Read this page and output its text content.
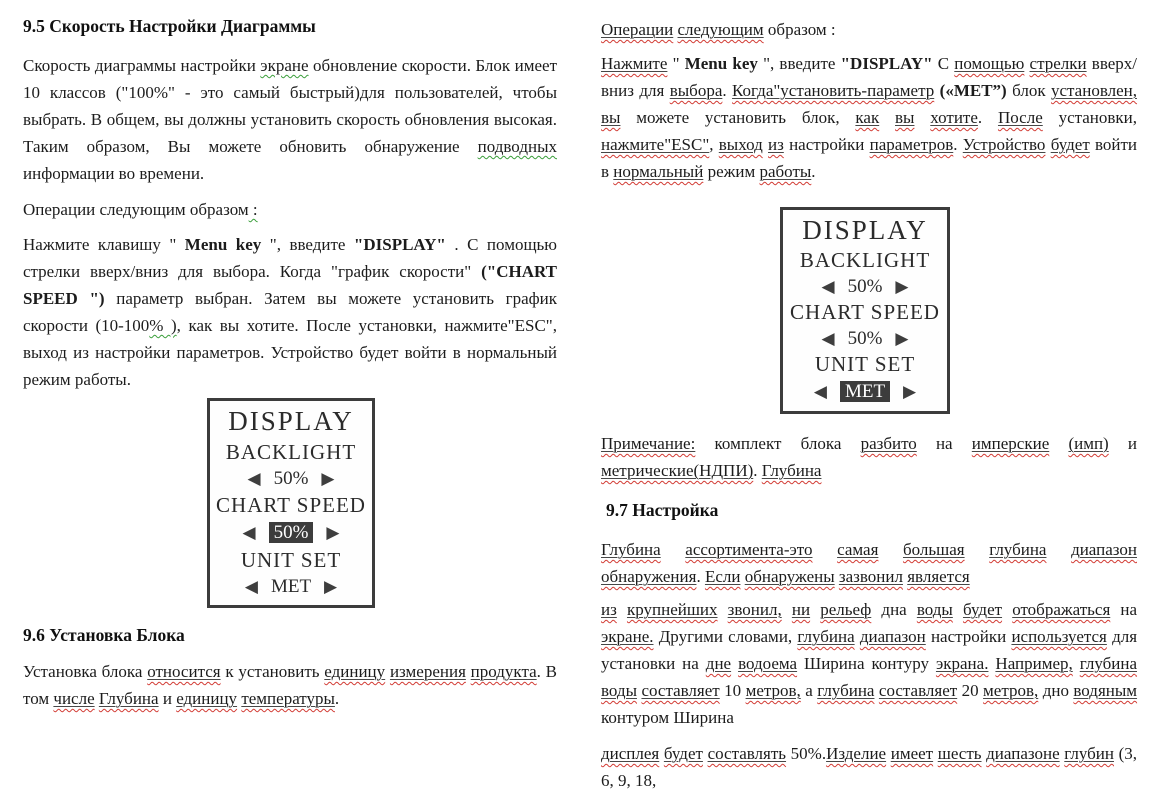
9.5 Скорость Настройки Диаграммы

Скорость диаграммы настройки экране обновление скорости. Блок имеет 10 классов ("100%" - это самый быстрый)для пользователей, чтобы выбрать. В общем, вы должны установить скорость обновления высокая. Таким образом, Вы можете обновить обнаружение подводных информации во времени.

Операции следующим образом :

Нажмите клавишу " Menu key ", введите "DISPLAY" . С помощью стрелки вверх/вниз для выбора. Когда "график скорости" ("CHART SPEED ") параметр выбран. Затем вы можете установить график скорости (10-100% ), как вы хотите. После установки, нажмите"ESC", выход из настройки параметров. Устройство будет войти в нормальный режим работы.

DISPLAY
BACKLIGHT
◀ 50% ▶
CHART SPEED
◀ 50% ▶
UNIT SET
◀ MET ▶
9.6 Установка Блока

Установка блока относится к установить единицу измерения продукта. В том числе Глубина и единицу температуры.

Операции следующим образом :

Нажмите " Menu key ", введите "DISPLAY" С помощью стрелки вверх/вниз для выбора. Когда"установить-параметр («МЕТ”) блок установлен, вы можете установить блок, как вы хотите. После установки, нажмите"ESC", выход из настройки параметров. Устройство будет войти в нормальный режим работы.

DISPLAY
BACKLIGHT
◀ 50% ▶
CHART SPEED
◀ 50% ▶
UNIT SET
◀ MET ▶

Примечание: комплект блока разбито на имперские (имп) и метрические(НДПИ). Глубина

9.7 Настройка

Глубина ассортимента-это самая большая глубина диапазон обнаружения. Если обнаружены зазвонил является

из крупнейших звонил, ни рельеф дна воды будет отображаться на экране. Другими словами, глубина диапазон настройки используется для установки на дне водоема Ширина контуру экрана. Например, глубина воды составляет 10 метров, а глубина составляет 20 метров, дно водяным контуром Ширина

дисплея будет составлять 50%.Изделие имеет шесть диапазоне глубин (3, 6, 9, 18,
